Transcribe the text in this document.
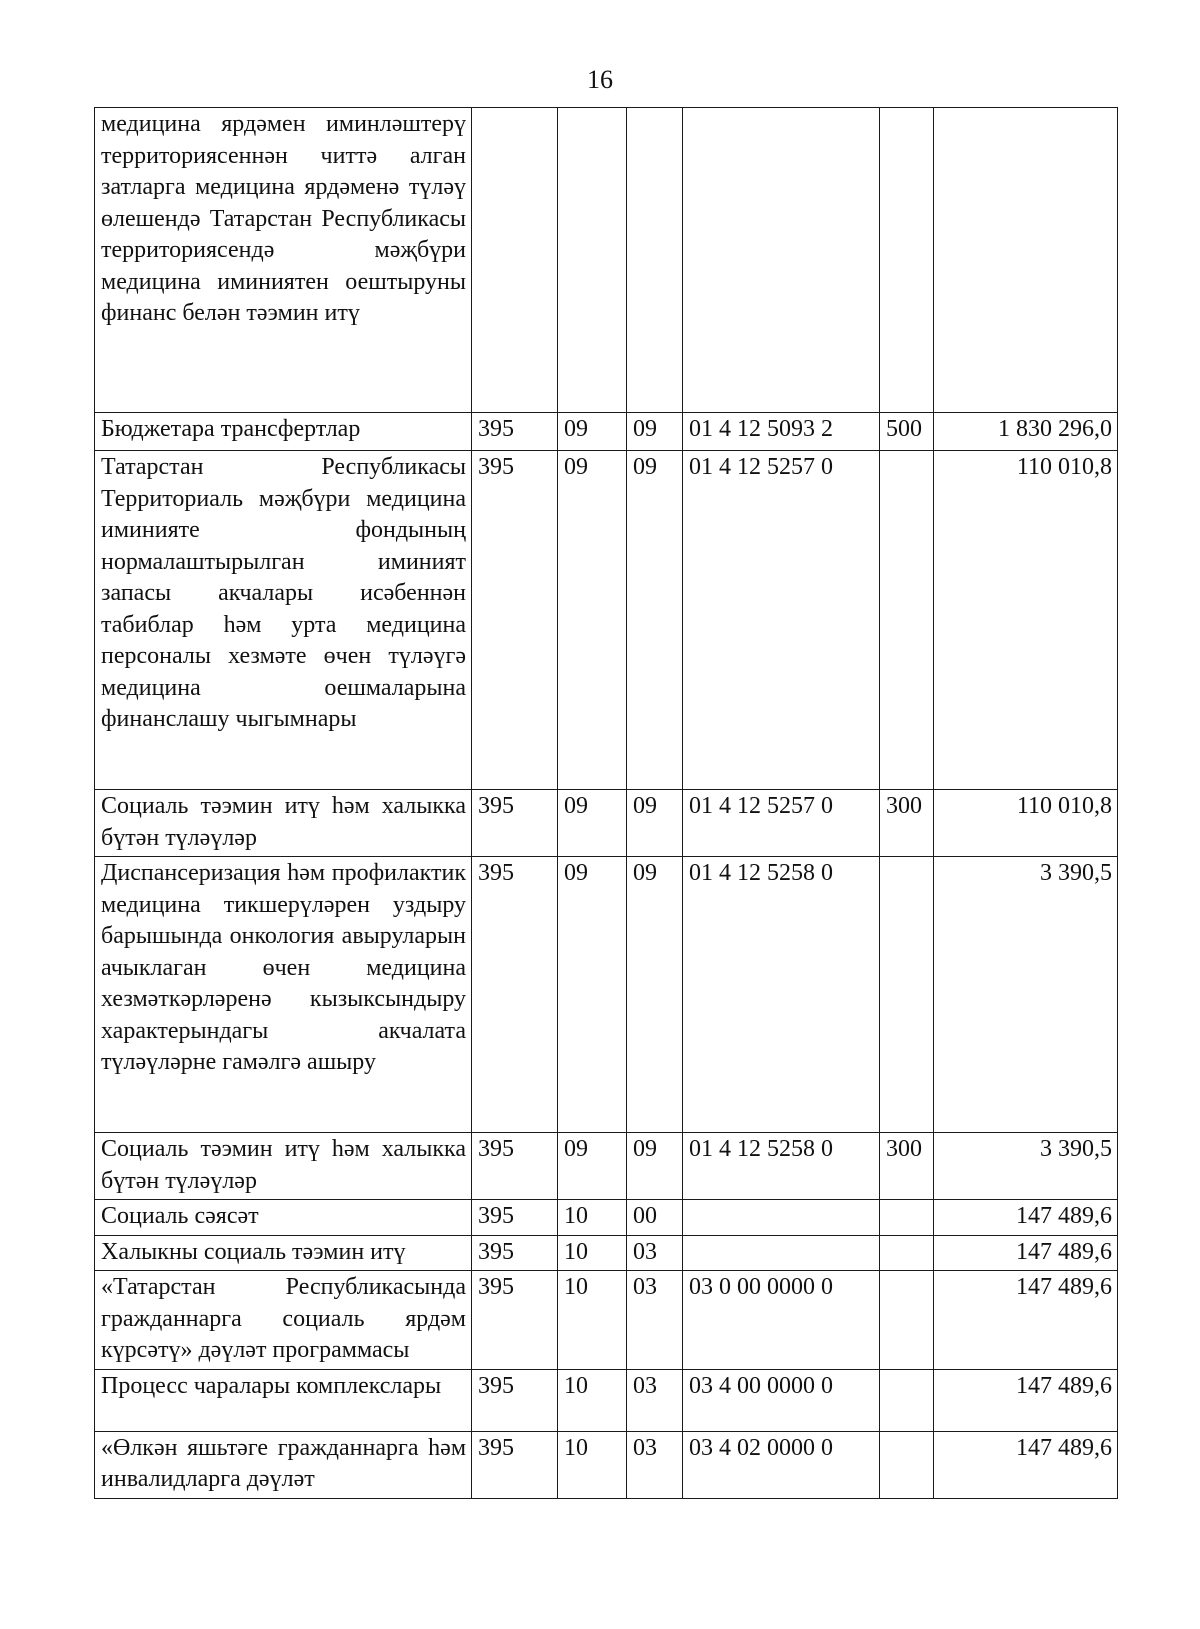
16
медицина ярдәмен иминләштерү территориясеннән читтә алган затларга медицина ярдәменә түләү өлешендә Татарстан Республикасы территориясендә мәҗбүри медицина иминиятен оештыруны финанс белән тәэмин итү						
Бюджетара трансфертлар	395	09	09	01 4 12 5093 2	500	1 830 296,0
Татарстан Республикасы Территориаль мәҗбүри медицина иминияте фондының нормалаштырылган иминият запасы акчалары исәбеннән табиблар һәм урта медицина персоналы хезмәте өчен түләүгә медицина оешмаларына финанслашу чыгымнары	395	09	09	01 4 12 5257 0		110 010,8
Социаль тәэмин итү һәм халыкка бүтән түләүләр	395	09	09	01 4 12 5257 0	300	110 010,8
Диспансеризация һәм профилактик медицина тикшерүләрен уздыру барышында онкология авыруларын ачыклаган өчен медицина хезмәткәрләренә кызыксындыру характерындагы акчалата түләүләрне гамәлгә ашыру	395	09	09	01 4 12 5258 0		3 390,5
Социаль тәэмин итү һәм халыкка бүтән түләүләр	395	09	09	01 4 12 5258 0	300	3 390,5
Социаль сәясәт	395	10	00			147 489,6
Халыкны социаль тәэмин итү	395	10	03			147 489,6
«Татарстан Республикасында гражданнарга социаль ярдәм күрсәтү» дәүләт программасы	395	10	03	03 0 00 0000 0		147 489,6
Процесс чаралары комплекслары	395	10	03	03 4 00 0000 0		147 489,6
«Өлкән яшьтәге гражданнарга һәм инвалидларга дәүләт	395	10	03	03 4 02 0000 0		147 489,6
